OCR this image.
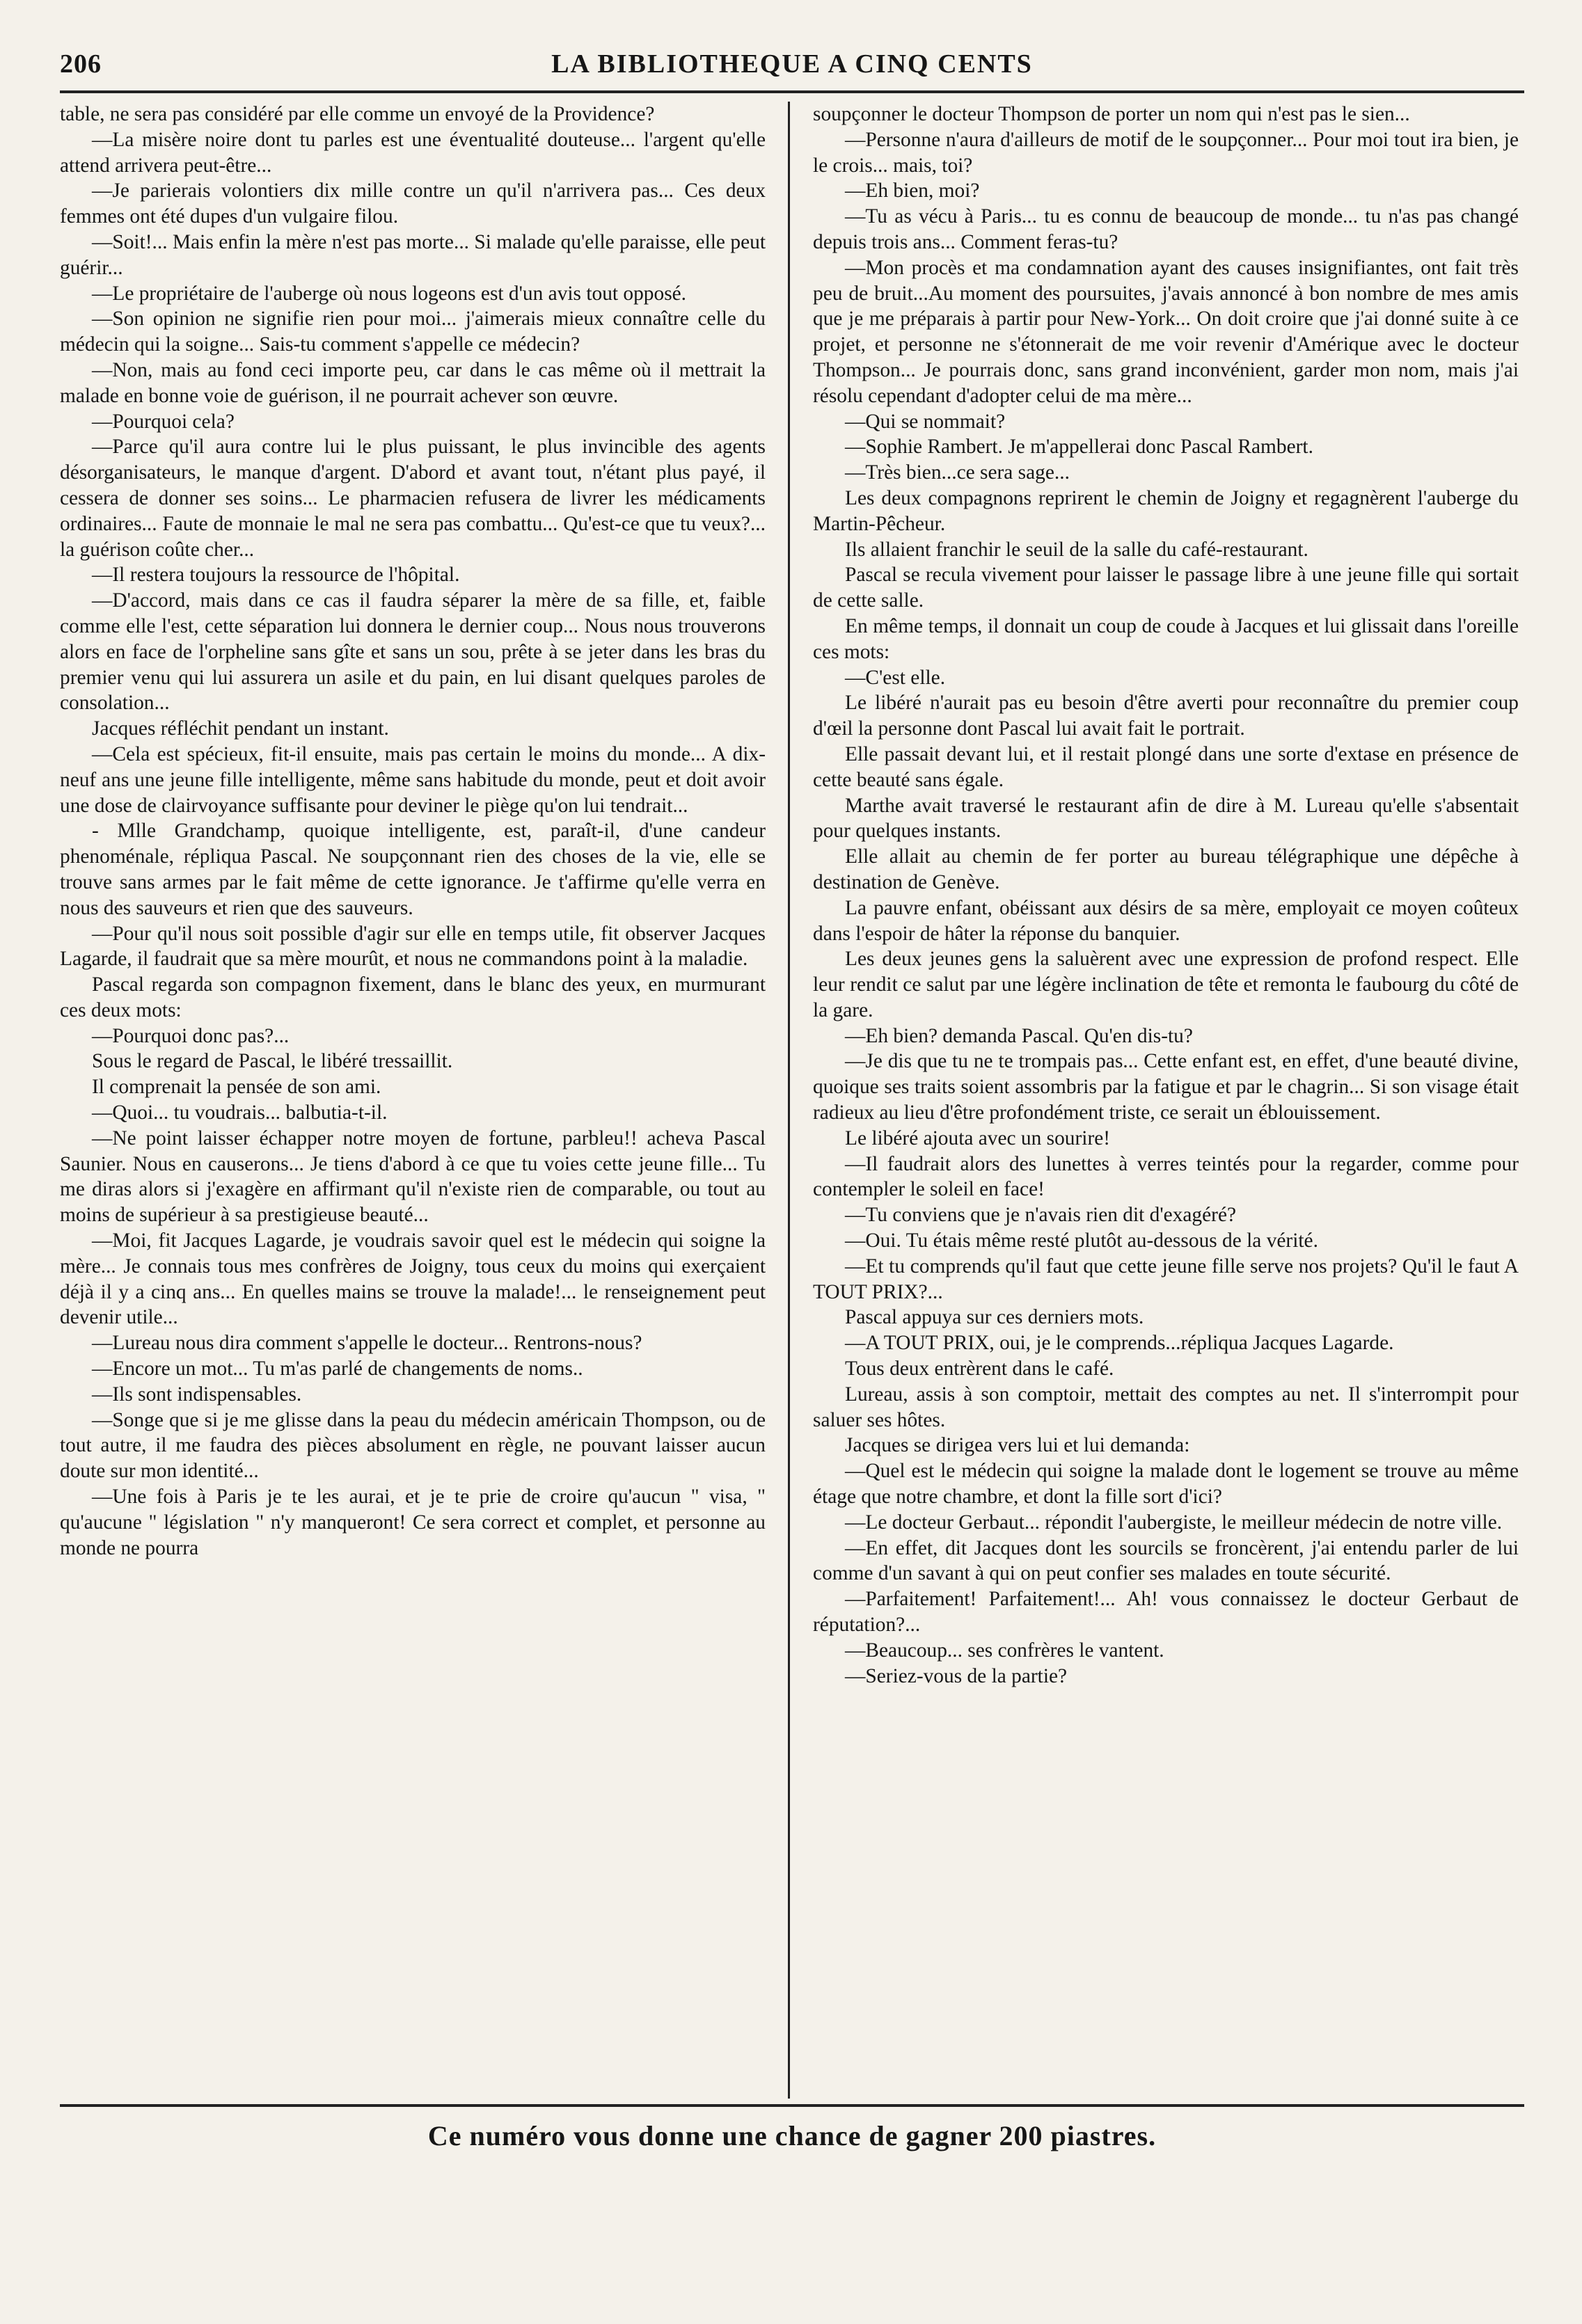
206	LA BIBLIOTHEQUE A CINQ CENTS

table, ne sera pas considéré par elle comme un envoyé de la Providence?

—La misère noire dont tu parles est une éventualité douteuse... l'argent qu'elle attend arrivera peut-être...

—Je parierais volontiers dix mille contre un qu'il n'arrivera pas... Ces deux femmes ont été dupes d'un vulgaire filou.

—Soit!... Mais enfin la mère n'est pas morte... Si malade qu'elle paraisse, elle peut guérir...

—Le propriétaire de l'auberge où nous logeons est d'un avis tout opposé.

—Son opinion ne signifie rien pour moi... j'aimerais mieux connaître celle du médecin qui la soigne... Sais-tu comment s'appelle ce médecin?

—Non, mais au fond ceci importe peu, car dans le cas même où il mettrait la malade en bonne voie de guérison, il ne pourrait achever son œuvre.

—Pourquoi cela?

—Parce qu'il aura contre lui le plus puissant, le plus invincible des agents désorganisateurs, le manque d'argent. D'abord et avant tout, n'étant plus payé, il cessera de donner ses soins... Le pharmacien refusera de livrer les médicaments ordinaires... Faute de monnaie le mal ne sera pas combattu... Qu'est-ce que tu veux?... la guérison coûte cher...

—Il restera toujours la ressource de l'hôpital.

—D'accord, mais dans ce cas il faudra séparer la mère de sa fille, et, faible comme elle l'est, cette séparation lui donnera le dernier coup... Nous nous trouverons alors en face de l'orpheline sans gîte et sans un sou, prête à se jeter dans les bras du premier venu qui lui assurera un asile et du pain, en lui disant quelques paroles de consolation...

Jacques réfléchit pendant un instant.

—Cela est spécieux, fit-il ensuite, mais pas certain le moins du monde... A dix-neuf ans une jeune fille intelligente, même sans habitude du monde, peut et doit avoir une dose de clairvoyance suffisante pour deviner le piège qu'on lui tendrait...

- Mlle Grandchamp, quoique intelligente, est, paraît-il, d'une candeur phenoménale, répliqua Pascal. Ne soupçonnant rien des choses de la vie, elle se trouve sans armes par le fait même de cette ignorance. Je t'affirme qu'elle verra en nous des sauveurs et rien que des sauveurs.

—Pour qu'il nous soit possible d'agir sur elle en temps utile, fit observer Jacques Lagarde, il faudrait que sa mère mourût, et nous ne commandons point à la maladie.

Pascal regarda son compagnon fixement, dans le blanc des yeux, en murmurant ces deux mots:

—Pourquoi donc pas?...

Sous le regard de Pascal, le libéré tressaillit.

Il comprenait la pensée de son ami.

—Quoi... tu voudrais... balbutia-t-il.

—Ne point laisser échapper notre moyen de fortune, parbleu!! acheva Pascal Saunier. Nous en causerons... Je tiens d'abord à ce que tu voies cette jeune fille... Tu me diras alors si j'exagère en affirmant qu'il n'existe rien de comparable, ou tout au moins de supérieur à sa prestigieuse beauté...

—Moi, fit Jacques Lagarde, je voudrais savoir quel est le médecin qui soigne la mère... Je connais tous mes confrères de Joigny, tous ceux du moins qui exerçaient déjà il y a cinq ans... En quelles mains se trouve la malade!... le renseignement peut devenir utile...

—Lureau nous dira comment s'appelle le docteur... Rentrons-nous?

—Encore un mot... Tu m'as parlé de changements de noms..

—Ils sont indispensables.

—Songe que si je me glisse dans la peau du médecin américain Thompson, ou de tout autre, il me faudra des pièces absolument en règle, ne pouvant laisser aucun doute sur mon identité...

—Une fois à Paris je te les aurai, et je te prie de croire qu'aucun " visa, " qu'aucune " législation " n'y manqueront! Ce sera correct et complet, et personne au monde ne pourra

soupçonner le docteur Thompson de porter un nom qui n'est pas le sien...

—Personne n'aura d'ailleurs de motif de le soupçonner... Pour moi tout ira bien, je le crois... mais, toi?

—Eh bien, moi?

—Tu as vécu à Paris... tu es connu de beaucoup de monde... tu n'as pas changé depuis trois ans... Comment feras-tu?

—Mon procès et ma condamnation ayant des causes insignifiantes, ont fait très peu de bruit...Au moment des poursuites, j'avais annoncé à bon nombre de mes amis que je me préparais à partir pour New-York... On doit croire que j'ai donné suite à ce projet, et personne ne s'étonnerait de me voir revenir d'Amérique avec le docteur Thompson... Je pourrais donc, sans grand inconvénient, garder mon nom, mais j'ai résolu cependant d'adopter celui de ma mère...

—Qui se nommait?

—Sophie Rambert. Je m'appellerai donc Pascal Rambert.

—Très bien...ce sera sage...

Les deux compagnons reprirent le chemin de Joigny et regagnèrent l'auberge du Martin-Pêcheur.

Ils allaient franchir le seuil de la salle du café-restaurant.

Pascal se recula vivement pour laisser le passage libre à une jeune fille qui sortait de cette salle.

En même temps, il donnait un coup de coude à Jacques et lui glissait dans l'oreille ces mots:

—C'est elle.

Le libéré n'aurait pas eu besoin d'être averti pour reconnaître du premier coup d'œil la personne dont Pascal lui avait fait le portrait.

Elle passait devant lui, et il restait plongé dans une sorte d'extase en présence de cette beauté sans égale.

Marthe avait traversé le restaurant afin de dire à M. Lureau qu'elle s'absentait pour quelques instants.

Elle allait au chemin de fer porter au bureau télégraphique une dépêche à destination de Genève.

La pauvre enfant, obéissant aux désirs de sa mère, employait ce moyen coûteux dans l'espoir de hâter la réponse du banquier.

Les deux jeunes gens la saluèrent avec une expression de profond respect. Elle leur rendit ce salut par une légère inclination de tête et remonta le faubourg du côté de la gare.

—Eh bien? demanda Pascal. Qu'en dis-tu?

—Je dis que tu ne te trompais pas... Cette enfant est, en effet, d'une beauté divine, quoique ses traits soient assombris par la fatigue et par le chagrin... Si son visage était radieux au lieu d'être profondément triste, ce serait un éblouissement.

Le libéré ajouta avec un sourire!

—Il faudrait alors des lunettes à verres teintés pour la regarder, comme pour contempler le soleil en face!

—Tu conviens que je n'avais rien dit d'exagéré?

—Oui. Tu étais même resté plutôt au-dessous de la vérité.

—Et tu comprends qu'il faut que cette jeune fille serve nos projets? Qu'il le faut A TOUT PRIX?...

Pascal appuya sur ces derniers mots.

—A TOUT PRIX, oui, je le comprends...répliqua Jacques Lagarde.

Tous deux entrèrent dans le café.

Lureau, assis à son comptoir, mettait des comptes au net. Il s'interrompit pour saluer ses hôtes.

Jacques se dirigea vers lui et lui demanda:

—Quel est le médecin qui soigne la malade dont le logement se trouve au même étage que notre chambre, et dont la fille sort d'ici?

—Le docteur Gerbaut... répondit l'aubergiste, le meilleur médecin de notre ville.

—En effet, dit Jacques dont les sourcils se froncèrent, j'ai entendu parler de lui comme d'un savant à qui on peut confier ses malades en toute sécurité.

—Parfaitement! Parfaitement!... Ah! vous connaissez le docteur Gerbaut de réputation?...

—Beaucoup... ses confrères le vantent.

—Seriez-vous de la partie?

Ce numéro vous donne une chance de gagner 200 piastres.
